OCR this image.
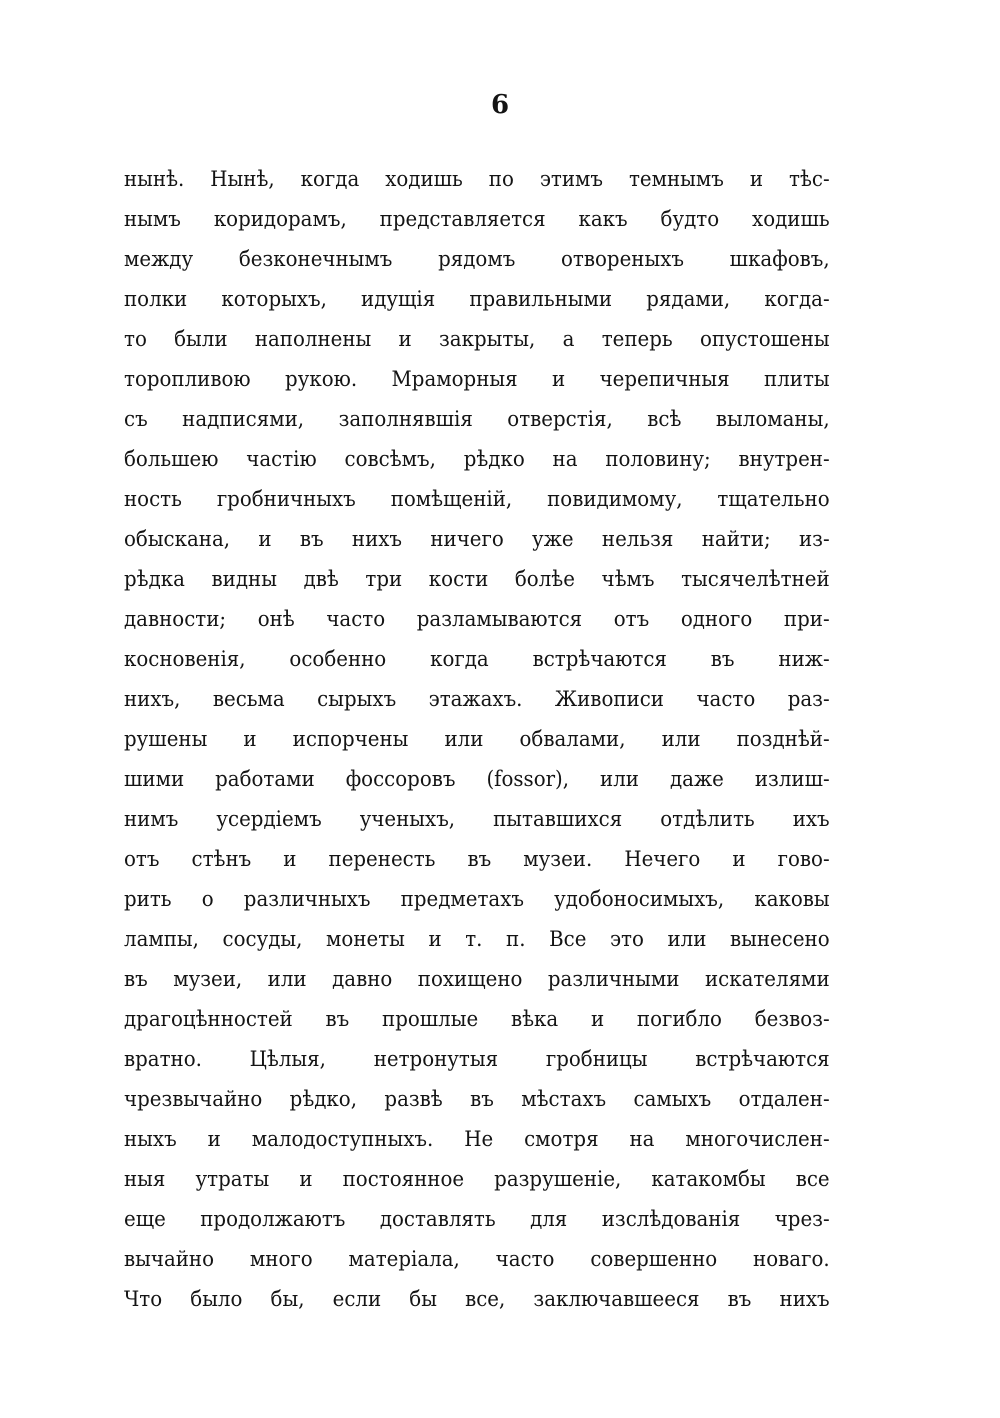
6
нынѣ. Нынѣ, когда ходишь по этимъ темнымъ и тѣс-
нымъ коридорамъ, представляется какъ будто ходишь
между безконечнымъ рядомъ отвореныхъ шкафовъ,
полки которыхъ, идущія правильными рядами, когда-
то были наполнены и закрыты, а теперь опустошены
торопливою рукою. Мраморныя и черепичныя плиты
съ надписями, заполнявшія отверстія, всѣ выломаны,
большею частію совсѣмъ, рѣдко на половину; внутрен-
ность гробничныхъ помѣщеній, повидимому, тщательно
обыскана, и въ нихъ ничего уже нельзя найти; из-
рѣдка видны двѣ три кости болѣе чѣмъ тысячелѣтней
давности; онѣ часто разламываются отъ одного при-
косновенія, особенно когда встрѣчаются въ ниж-
нихъ, весьма сырыхъ этажахъ. Живописи часто раз-
рушены и испорчены или обвалами, или позднѣй-
шими работами фоссоровъ (fossor), или даже излиш-
нимъ усердіемъ ученыхъ, пытавшихся отдѣлить ихъ
отъ стѣнъ и перенесть въ музеи. Нечего и гово-
рить о различныхъ предметахъ удобоносимыхъ, каковы
лампы, сосуды, монеты и т. п. Все это или вынесено
въ музеи, или давно похищено различными искателями
драгоцѣнностей въ прошлые вѣка и погибло безвоз-
вратно. Цѣлыя, нетронутыя гробницы встрѣчаются
чрезвычайно рѣдко, развѣ въ мѣстахъ самыхъ отдален-
ныхъ и малодоступныхъ. Не смотря на многочислен-
ныя утраты и постоянное разрушеніе, катакомбы все
еще продолжаютъ доставлять для изслѣдованія чрез-
вычайно много матеріала, часто совершенно новаго.
Что было бы, если бы все, заключавшееся въ нихъ
